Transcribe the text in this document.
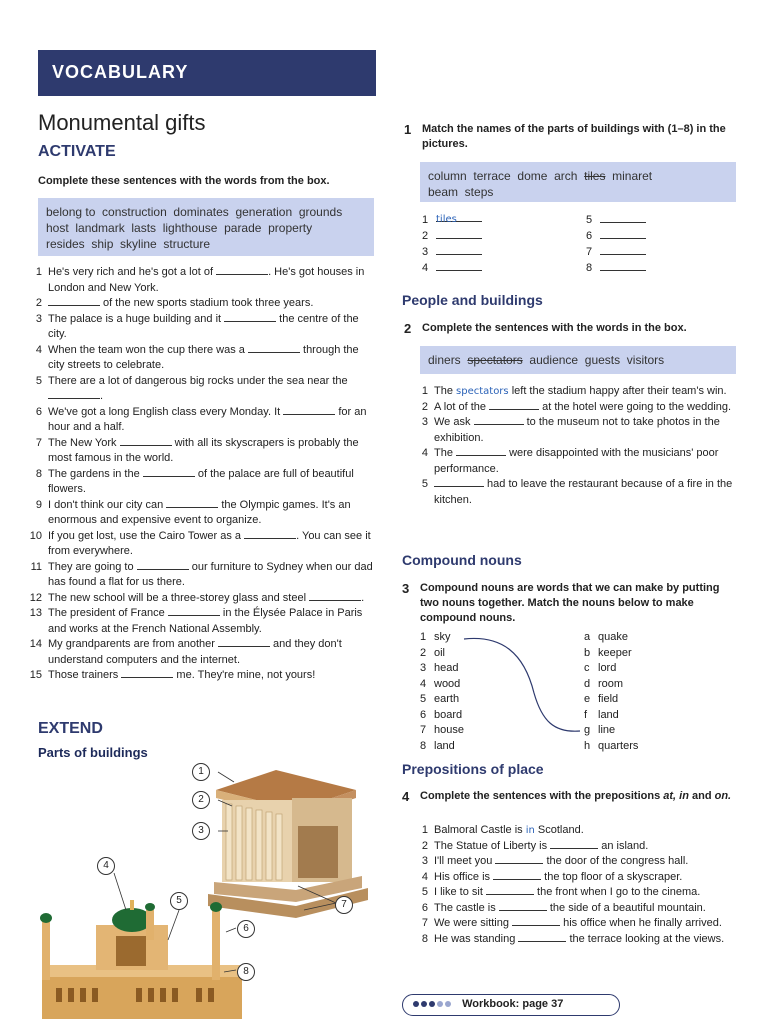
VOCABULARY
Monumental gifts
ACTIVATE
Complete these sentences with the words from the box.
belong to  construction  dominates  generation  grounds
host  landmark  lasts  lighthouse  parade  property
resides  ship  skyline  structure
1 He's very rich and he's got a lot of	. He's got houses in London and New York.
2	of the new sports stadium took three years.
3 The palace is a huge building and it	the centre of the city.
4 When the team won the cup there was a	through the city streets to celebrate.
5 There are a lot of dangerous big rocks under the sea near the .
6 We've got a long English class every Monday. It	for an hour and a half.
7 The New York	with all its skyscrapers is probably the most famous in the world.
8 The gardens in the	of the palace are full of beautiful flowers.
9 I don't think our city can	the Olympic games. It's an enormous and expensive event to organize.
10 If you get lost, use the Cairo Tower as a	. You can see it from everywhere.
11 They are going to	our furniture to Sydney when our dad has found a flat for us there.
12 The new school will be a three-storey glass and steel	.
13 The president of France	in the Élysée Palace in Paris and works at the French National Assembly.
14 My grandparents are from another	and they don't understand computers and the internet.
15 Those trainers	me. They're mine, not yours!
EXTEND
Parts of buildings
1
2
3
4
5
6
7
8
1 Match the names of the parts of buildings with (1–8) in the pictures.
column terrace dome arch tiles minaret
beam  steps
1 tiles
2
3
4
5
6
7
8
People and buildings
2 Complete the sentences with the words in the box.
diners spectators audience  guests  visitors
1 The spectators left the stadium happy after their team's win.
2 A lot of the	at the hotel were going to the wedding.
3 We ask	to the museum not to take photos in the exhibition.
4 The	were disappointed with the musicians' poor performance.
5	had to leave the restaurant because of a fire in the kitchen.
Compound nouns
3 Compound nouns are words that we can make by putting two nouns together. Match the nouns below to make compound nouns.
1 sky
2 oil
3 head
4 wood
5 earth
6 board
7 house
8 land
a quake
b keeper
c lord
d room
e field
f land
g line
h quarters
Prepositions of place
4 Complete the sentences with the prepositions at, in and on.
1 Balmoral Castle is in Scotland.
2 The Statue of Liberty is	an island.
3 I'll meet you	the door of the congress hall.
4 His office is	the top floor of a skyscraper.
5 I like to sit	the front when I go to the cinema.
6 The castle is	the side of a beautiful mountain.
7 We were sitting	his office when he finally arrived.
8 He was standing	the terrace looking at the views.
Workbook: page 37
